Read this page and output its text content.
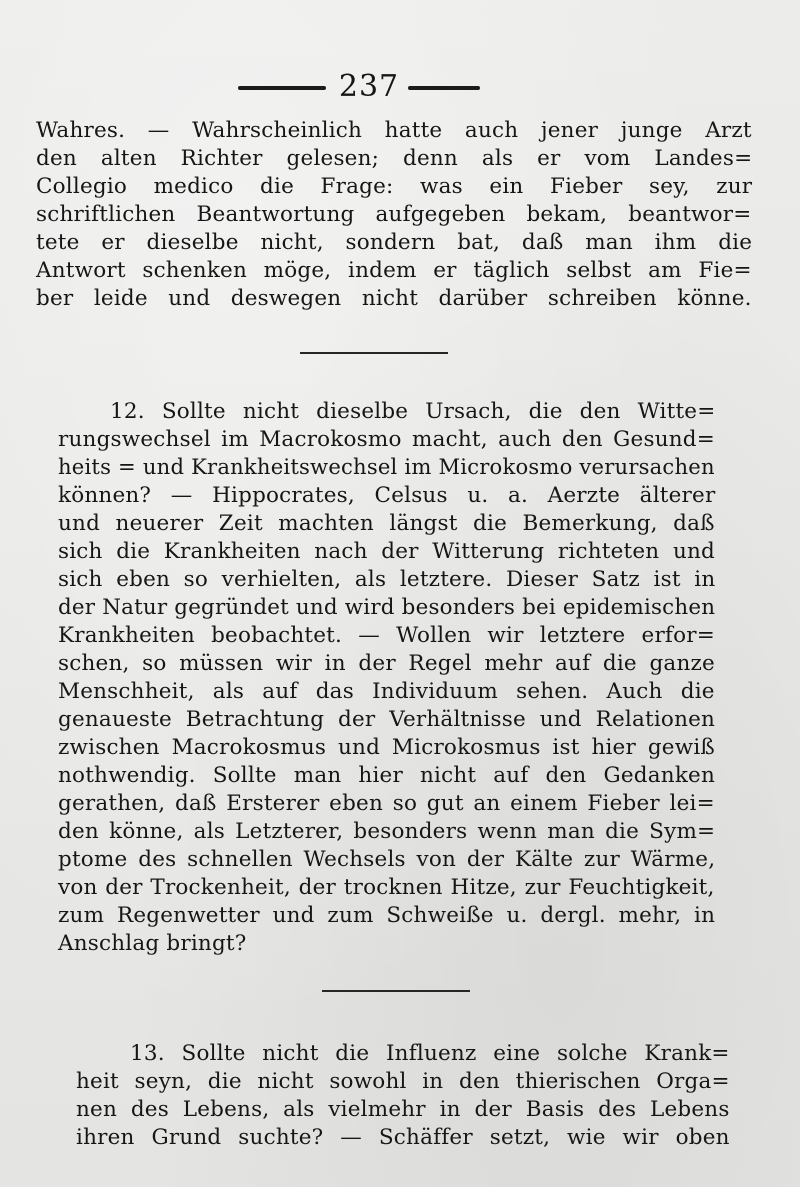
237
Wahres. — Wahrscheinlich hatte auch jener junge Arzt
den alten Richter gelesen; denn als er vom Landes=
Collegio medico die Frage: was ein Fieber sey, zur
schriftlichen Beantwortung aufgegeben bekam, beantwor=
tete er dieselbe nicht, sondern bat, daß man ihm die
Antwort schenken möge, indem er täglich selbst am Fie=
ber leide und deswegen nicht darüber schreiben könne.
12. Sollte nicht dieselbe Ursach, die den Witte=
rungswechsel im Macrokosmo macht, auch den Gesund=
heits = und Krankheitswechsel im Microkosmo verursachen
können? — Hippocrates, Celsus u. a. Aerzte älterer
und neuerer Zeit machten längst die Bemerkung, daß
sich die Krankheiten nach der Witterung richteten und
sich eben so verhielten, als letztere. Dieser Satz ist in
der Natur gegründet und wird besonders bei epidemischen
Krankheiten beobachtet. — Wollen wir letztere erfor=
schen, so müssen wir in der Regel mehr auf die ganze
Menschheit, als auf das Individuum sehen. Auch die
genaueste Betrachtung der Verhältnisse und Relationen
zwischen Macrokosmus und Microkosmus ist hier gewiß
nothwendig. Sollte man hier nicht auf den Gedanken
gerathen, daß Ersterer eben so gut an einem Fieber lei=
den könne, als Letzterer, besonders wenn man die Sym=
ptome des schnellen Wechsels von der Kälte zur Wärme,
von der Trockenheit, der trocknen Hitze, zur Feuchtigkeit,
zum Regenwetter und zum Schweiße u. dergl. mehr, in
Anschlag bringt?
13. Sollte nicht die Influenz eine solche Krank=
heit seyn, die nicht sowohl in den thierischen Orga=
nen des Lebens, als vielmehr in der Basis des Lebens
ihren Grund suchte? — Schäffer setzt, wie wir oben
